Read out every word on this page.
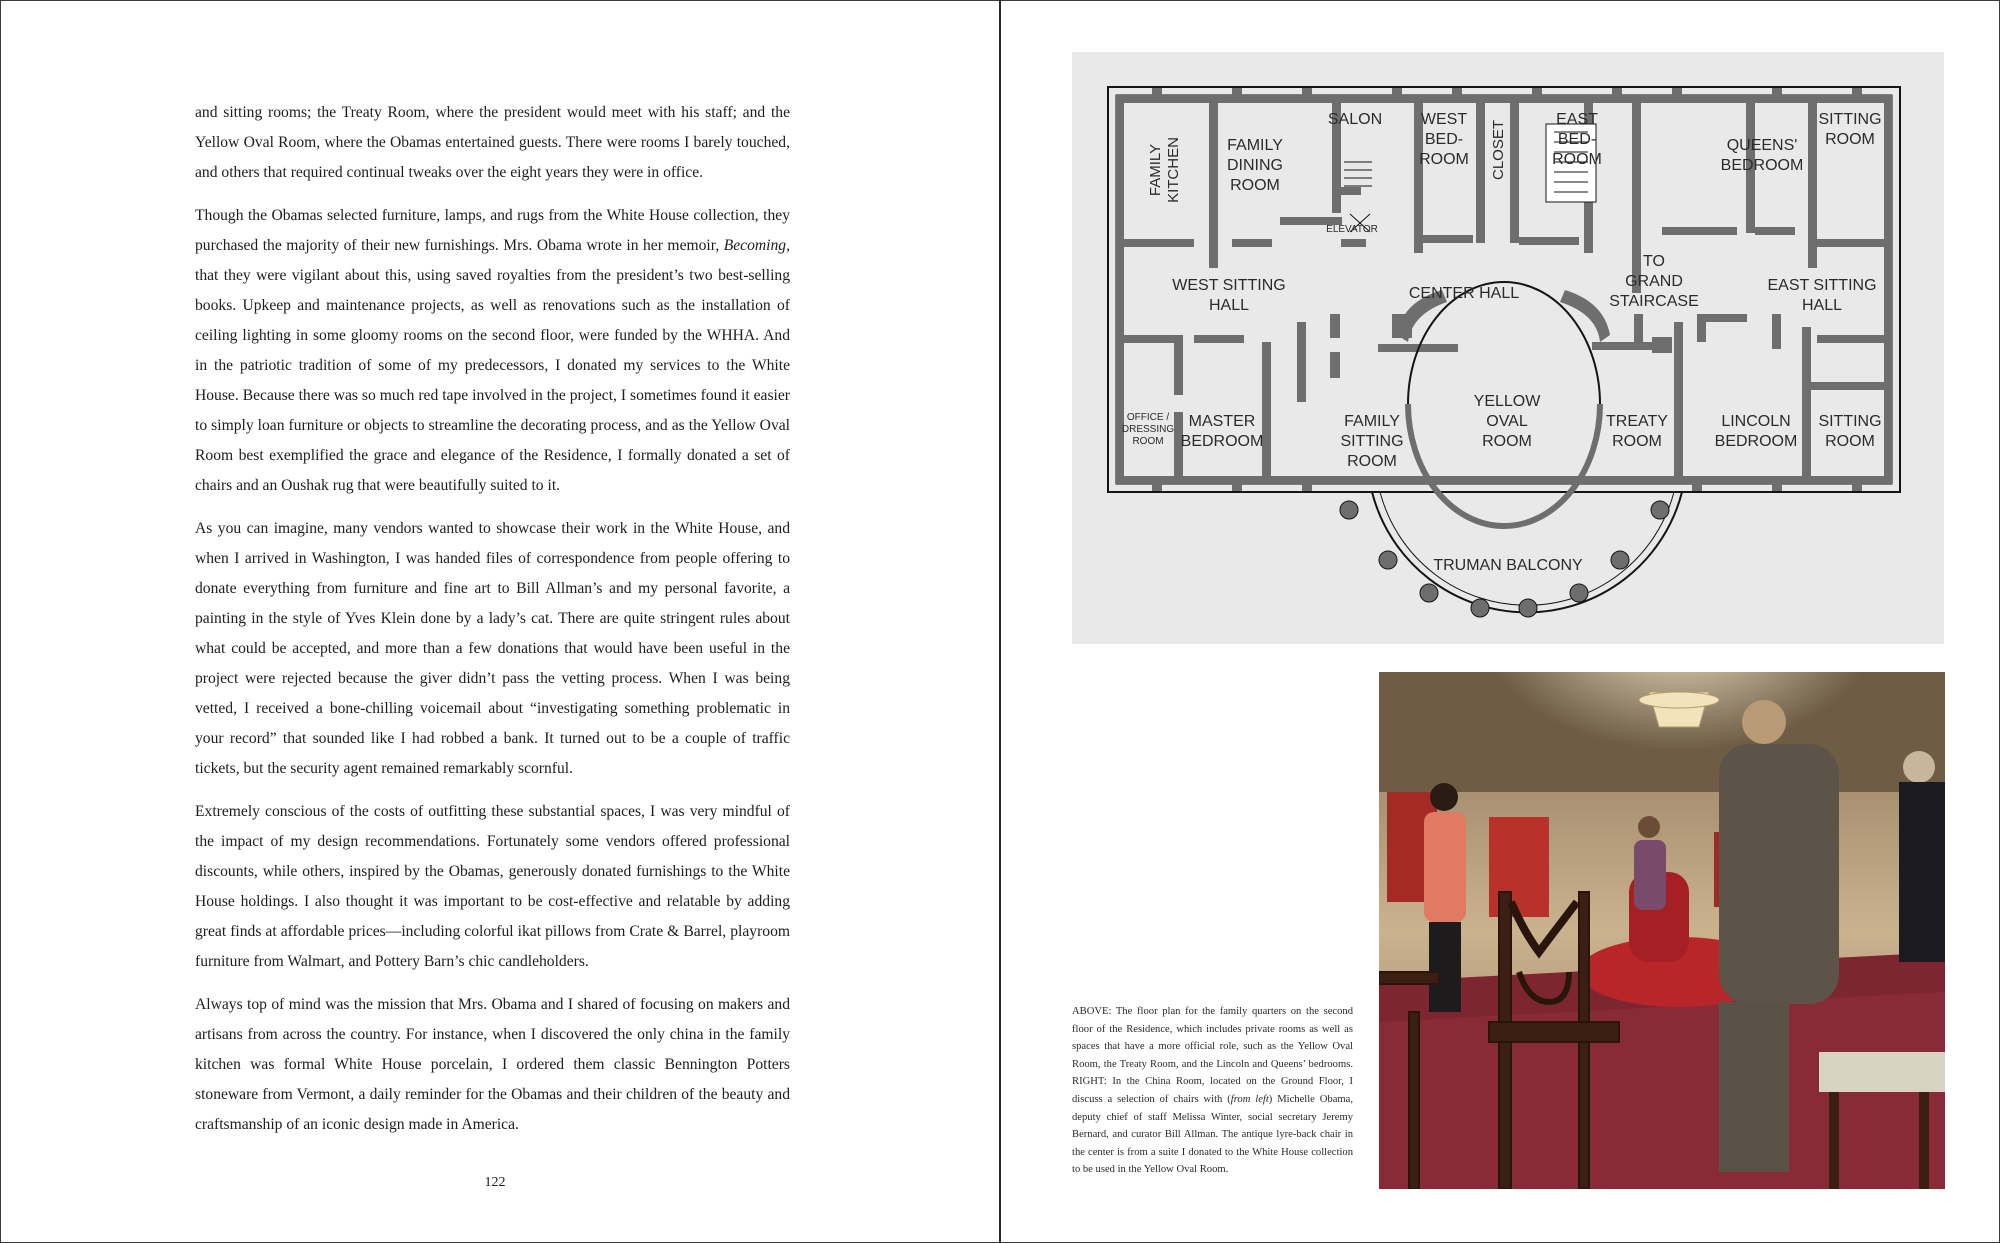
and sitting rooms; the Treaty Room, where the president would meet with his staff; and the Yellow Oval Room, where the Obamas entertained guests. There were rooms I barely touched, and others that required continual tweaks over the eight years they were in office.

Though the Obamas selected furniture, lamps, and rugs from the White House collection, they purchased the majority of their new furnishings. Mrs. Obama wrote in her memoir, Becoming, that they were vigilant about this, using saved royalties from the president’s two best-selling books. Upkeep and maintenance projects, as well as renovations such as the installation of ceiling lighting in some gloomy rooms on the second floor, were funded by the WHHA. And in the patriotic tradition of some of my predecessors, I donated my services to the White House. Because there was so much red tape involved in the project, I sometimes found it easier to simply loan furniture or objects to streamline the decorating process, and as the Yellow Oval Room best exemplified the grace and elegance of the Residence, I formally donated a set of chairs and an Oushak rug that were beautifully suited to it.

As you can imagine, many vendors wanted to showcase their work in the White House, and when I arrived in Washington, I was handed files of correspondence from people offering to donate everything from furniture and fine art to Bill Allman’s and my personal favorite, a painting in the style of Yves Klein done by a lady’s cat. There are quite stringent rules about what could be accepted, and more than a few donations that would have been useful in the project were rejected because the giver didn’t pass the vetting process. When I was being vetted, I received a bone-chilling voicemail about “investigating something problematic in your record” that sounded like I had robbed a bank. It turned out to be a couple of traffic tickets, but the security agent remained remarkably scornful.

Extremely conscious of the costs of outfitting these substantial spaces, I was very mindful of the impact of my design recommendations. Fortunately some vendors offered professional discounts, while others, inspired by the Obamas, generously donated furnishings to the White House holdings. I also thought it was important to be cost-effective and relatable by adding great finds at affordable prices—including colorful ikat pillows from Crate & Barrel, playroom furniture from Walmart, and Pottery Barn’s chic candleholders.

Always top of mind was the mission that Mrs. Obama and I shared of focusing on makers and artisans from across the country. For instance, when I discovered the only china in the family kitchen was formal White House porcelain, I ordered them classic Bennington Potters stoneware from Vermont, a daily reminder for the Obamas and their children of the beauty and craftsmanship of an iconic design made in America.

122
FAMILY KITCHEN	FAMILY
DINING
ROOM
SALON WEST
BED-
ROOM CLOSET
EAST
BED-
ROOM
QUEENS'
BEDROOM
SITTING
ROOM
ELEVATOR
WEST SITTING
HALL
CENTER HALL
TO
GRAND
STAIRCASE
EAST SITTING
HALL
OFFICE /
DRESSING
ROOM
MASTER
BEDROOM
FAMILY
SITTING
ROOM
YELLOW
OVAL
ROOM
TREATY
ROOM
LINCOLN
BEDROOM
SITTING
ROOM
TRUMAN BALCONY
ABOVE: The floor plan for the family quarters on the second floor of the Residence, which includes private rooms as well as spaces that have a more official role, such as the Yellow Oval Room, the Treaty Room, and the Lincoln and Queens’ bedrooms. RIGHT: In the China Room, located on the Ground Floor, I discuss a selection of chairs with (from left) Michelle Obama, deputy chief of staff Melissa Winter, social secretary Jeremy Bernard, and curator Bill Allman. The antique lyre-back chair in the center is from a suite I donated to the White House collection to be used in the Yellow Oval Room.
